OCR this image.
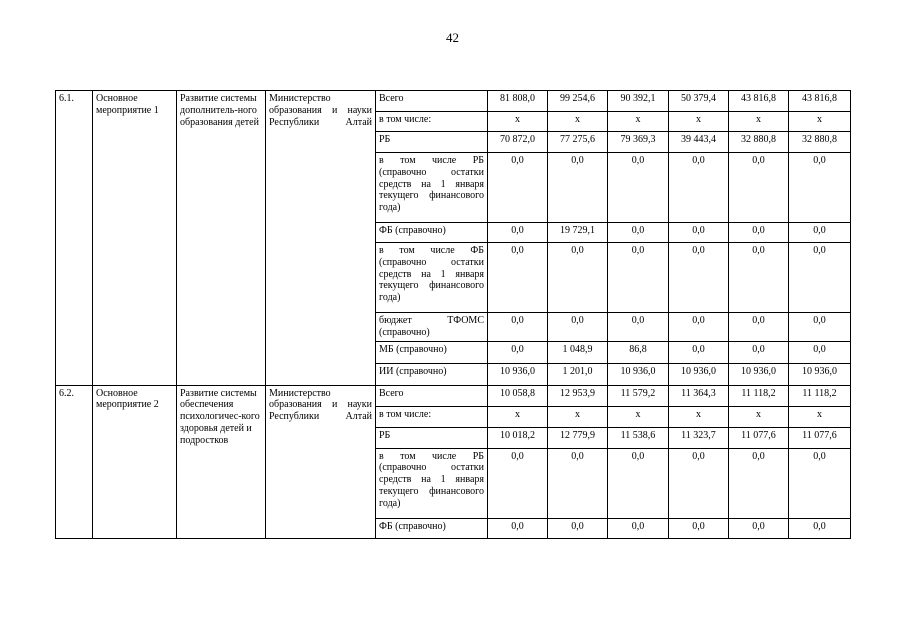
42
6.1.	Основное мероприятие 1	Развитие системы дополнитель-ного образования детей	Министерство образования и науки Республики Алтай	Всего	81 808,0	99 254,6	90 392,1	50 379,4	43 816,8	43 816,8
				в том числе:	х	х	х	х	х	х
				РБ	70 872,0	77 275,6	79 369,3	39 443,4	32 880,8	32 880,8
				в том числе РБ (справочно остатки средств на 1 января текущего финансового года)	0,0	0,0	0,0	0,0	0,0	0,0
				ФБ (справочно)	0,0	19 729,1	0,0	0,0	0,0	0,0
				в том числе ФБ (справочно остатки средств на 1 января текущего финансового года)	0,0	0,0	0,0	0,0	0,0	0,0
				бюджет ТФОМС (справочно)	0,0	0,0	0,0	0,0	0,0	0,0
				МБ (справочно)	0,0	1 048,9	86,8	0,0	0,0	0,0
				ИИ (справочно)	10 936,0	1 201,0	10 936,0	10 936,0	10 936,0	10 936,0
6.2.	Основное мероприятие 2	Развитие системы обеспечения психологичес-кого здоровья детей и подростков	Министерство образования и науки Республики Алтай	Всего	10 058,8	12 953,9	11 579,2	11 364,3	11 118,2	11 118,2
				в том числе:	х	х	х	х	х	х
				РБ	10 018,2	12 779,9	11 538,6	11 323,7	11 077,6	11 077,6
				в том числе РБ (справочно остатки средств на 1 января текущего финансового года)	0,0	0,0	0,0	0,0	0,0	0,0
				ФБ (справочно)	0,0	0,0	0,0	0,0	0,0	0,0
